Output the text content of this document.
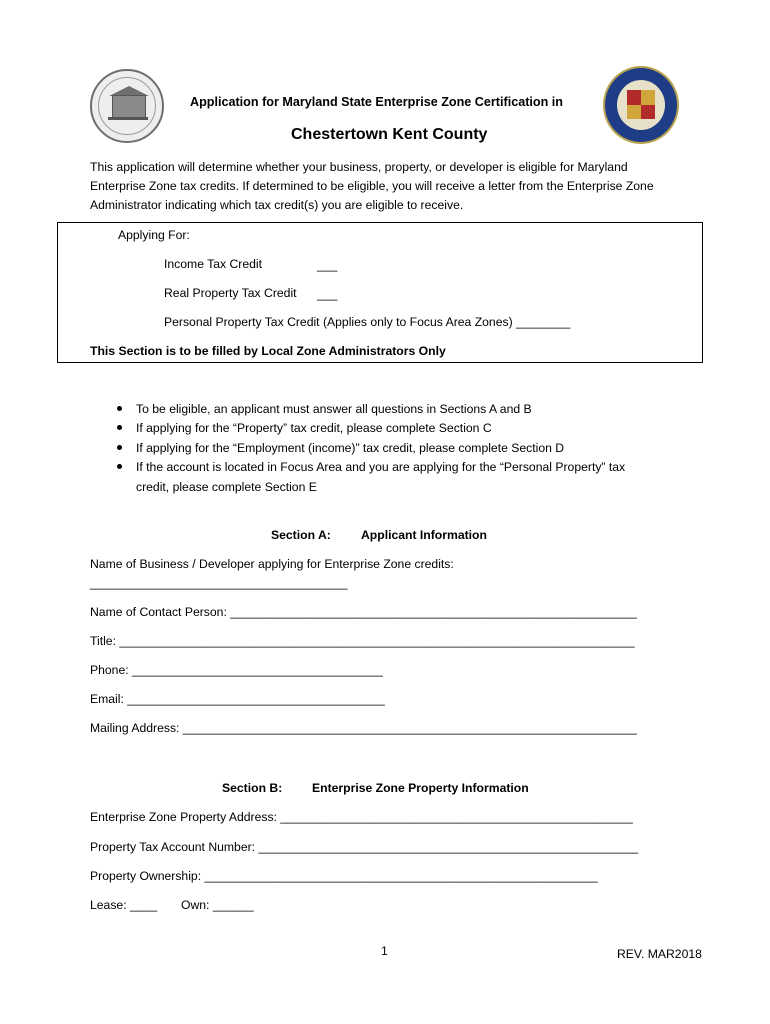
Application for Maryland State Enterprise Zone Certification in
Chestertown Kent County
This application will determine whether your business, property, or developer is eligible for Maryland
Enterprise Zone tax credits. If determined to be eligible, you will receive a letter from the Enterprise Zone
Administrator indicating which tax credit(s) you are eligible to receive.
Applying For:
Income Tax Credit	___
Real Property Tax Credit ___
Personal Property Tax Credit (Applies only to Focus Area Zones) ________
This Section is to be filled by Local Zone Administrators Only
To be eligible, an applicant must answer all questions in Sections A and B
If applying for the “Property” tax credit, please complete Section C
If applying for the “Employment (income)” tax credit, please complete Section D
If the account is located in Focus Area and you are applying for the “Personal Property” tax
credit, please complete Section E
Section A: Applicant Information
Name of Business / Developer applying for Enterprise Zone credits:
______________________________________
Name of Contact Person: ____________________________________________________________
Title: ____________________________________________________________________________
Phone: _____________________________________
Email: ______________________________________
Mailing Address: ___________________________________________________________________
Section B: Enterprise Zone Property Information
Enterprise Zone Property Address: ____________________________________________________
Property Tax Account Number: ________________________________________________________
Property Ownership: __________________________________________________________
Lease: ____ Own: ______
1	REV. MAR2018
